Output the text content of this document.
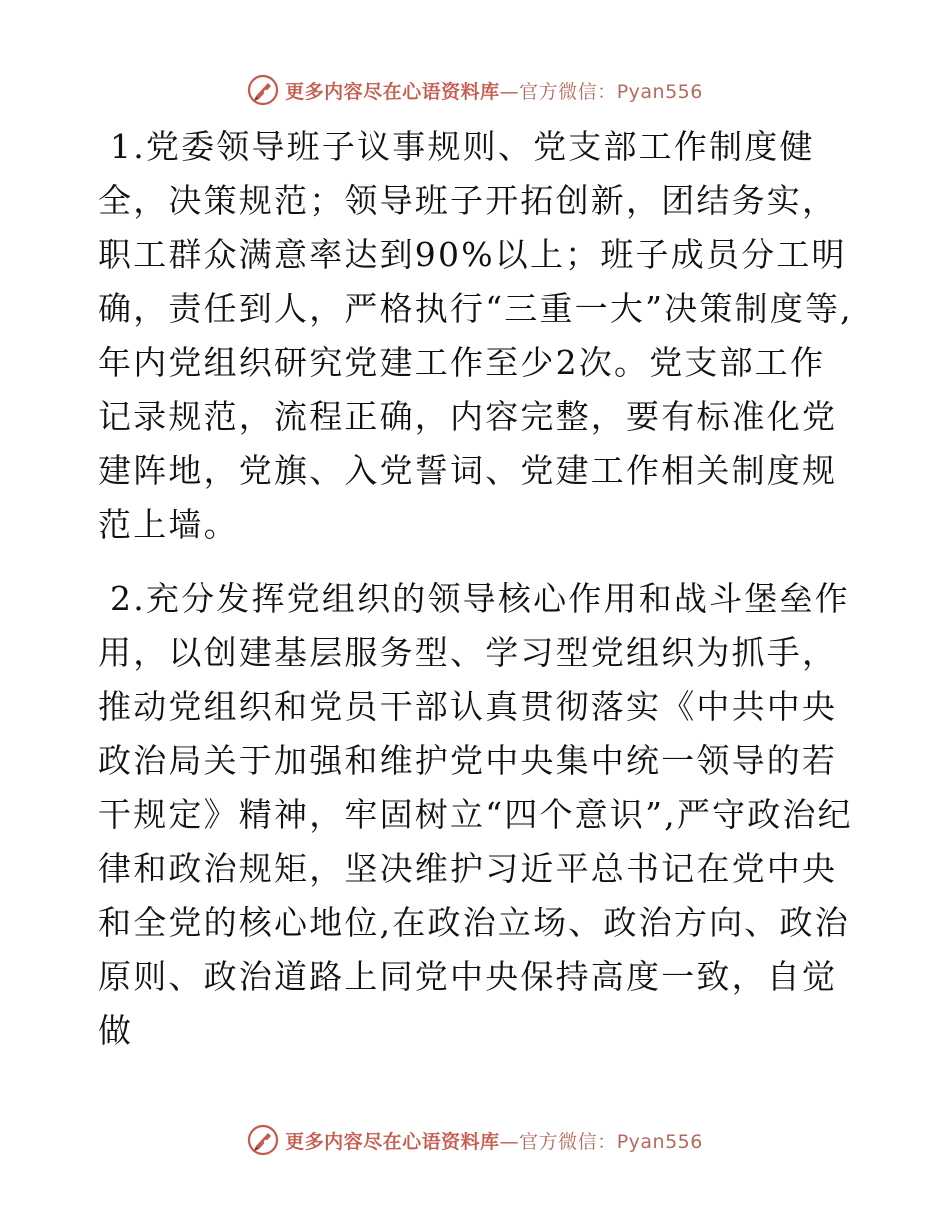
更多内容尽在心语资料库—官方微信：Pyan556

1.党委领导班子议事规则、党支部工作制度健全，决策规范；领导班子开拓创新，团结务实，职工群众满意率达到90%以上；班子成员分工明确，责任到人，严格执行“三重一大”决策制度等,年内党组织研究党建工作至少2次。党支部工作记录规范，流程正确，内容完整，要有标准化党建阵地，党旗、入党誓词、党建工作相关制度规范上墙。

2.充分发挥党组织的领导核心作用和战斗堡垒作用，以创建基层服务型、学习型党组织为抓手，推动党组织和党员干部认真贯彻落实《中共中央政治局关于加强和维护党中央集中统一领导的若干规定》精神，牢固树立“四个意识”,严守政治纪律和政治规矩，坚决维护习近平总书记在党中央和全党的核心地位,在政治立场、政治方向、政治原则、政治道路上同党中央保持高度一致，自觉做

更多内容尽在心语资料库—官方微信：Pyan556
